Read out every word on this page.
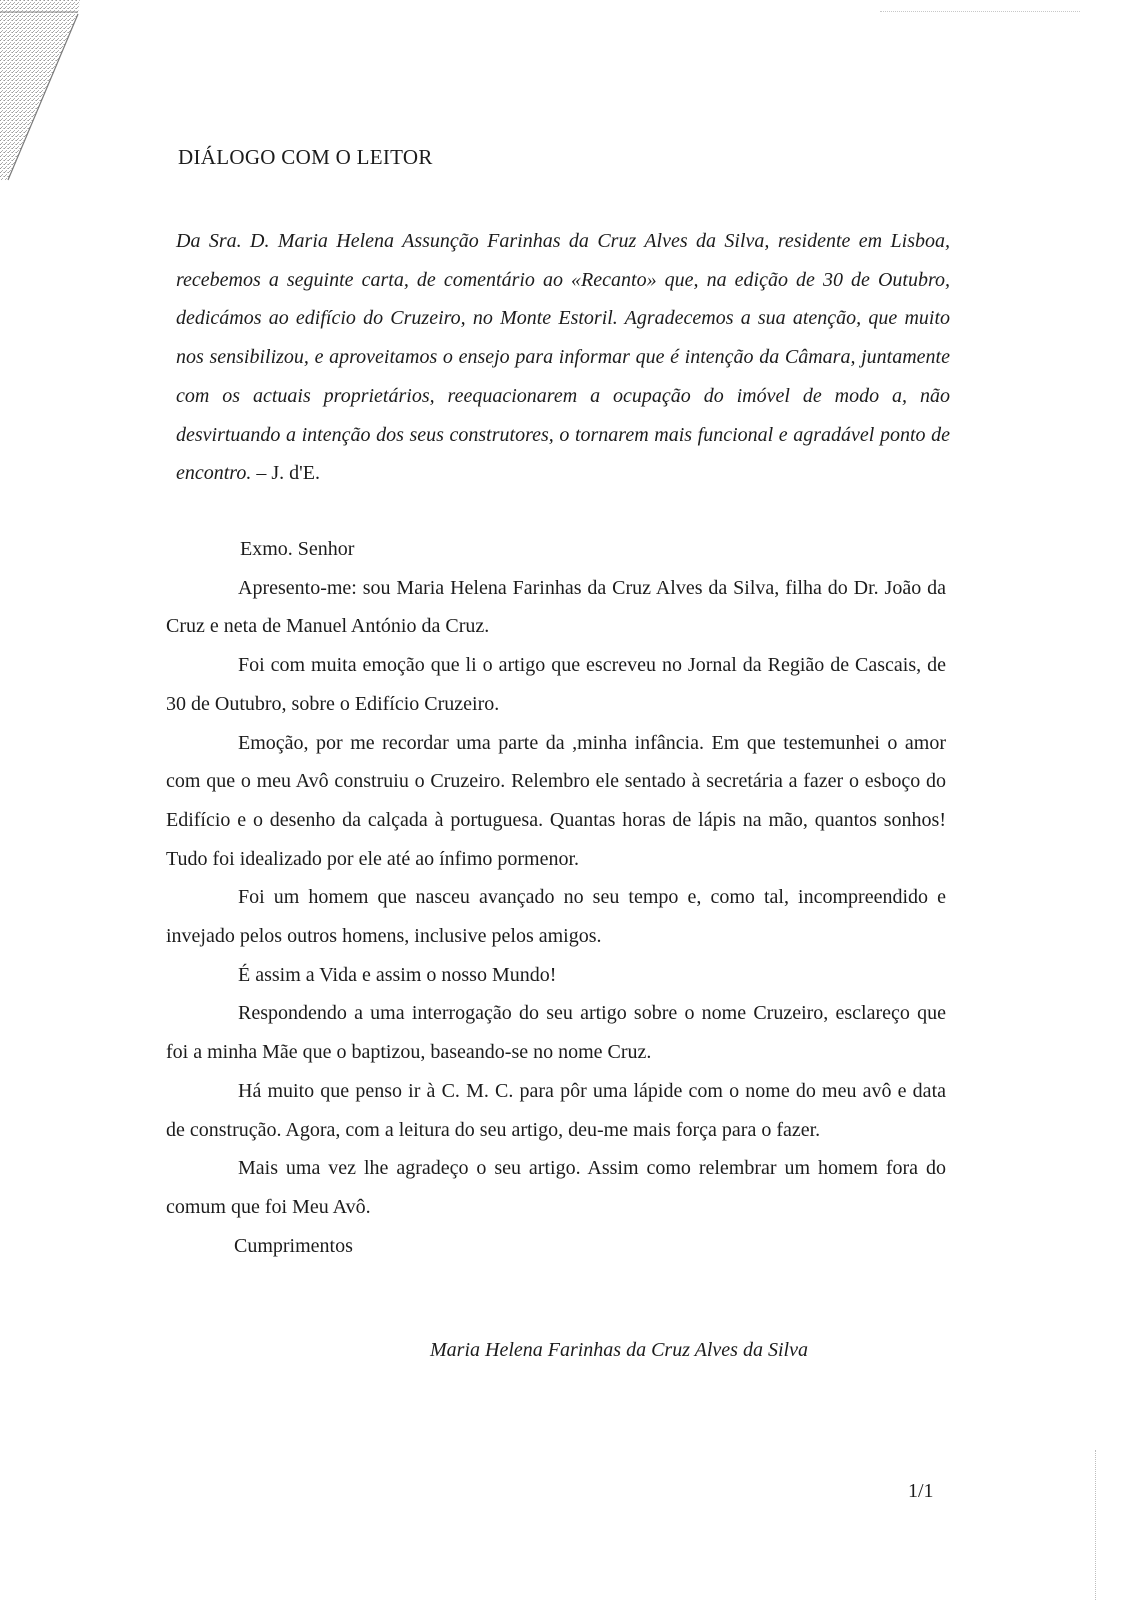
DIÁLOGO COM O LEITOR

Da Sra. D. Maria Helena Assunção Farinhas da Cruz Alves da Silva, residente em Lisboa, recebemos a seguinte carta, de comentário ao «Recanto» que, na edição de 30 de Outubro, dedicámos ao edifício do Cruzeiro, no Monte Estoril. Agradecemos a sua atenção, que muito nos sensibilizou, e aproveitamos o ensejo para informar que é intenção da Câmara, juntamente com os actuais proprietários, reequacionarem a ocupação do imóvel de modo a, não desvirtuando a intenção dos seus construtores, o tornarem mais funcional e agradável ponto de encontro. – J. d'E.

Exmo. Senhor

Apresento-me: sou Maria Helena Farinhas da Cruz Alves da Silva, filha do Dr. João da Cruz e neta de Manuel António da Cruz.

Foi com muita emoção que li o artigo que escreveu no Jornal da Região de Cascais, de 30 de Outubro, sobre o Edifício Cruzeiro.

Emoção, por me recordar uma parte da ,minha infância. Em que testemunhei o amor com que o meu Avô construiu o Cruzeiro. Relembro ele sentado à secretária a fazer o esboço do Edifício e o desenho da calçada à portuguesa. Quantas horas de lápis na mão, quantos sonhos! Tudo foi idealizado por ele até ao ínfimo pormenor.

Foi um homem que nasceu avançado no seu tempo e, como tal, incompreendido e invejado pelos outros homens, inclusive pelos amigos.

É assim a Vida e assim o nosso Mundo!

Respondendo a uma interrogação do seu artigo sobre o nome Cruzeiro, esclareço que foi a minha Mãe que o baptizou, baseando-se no nome Cruz.

Há muito que penso ir à C. M. C. para pôr uma lápide com o nome do meu avô e data de construção. Agora, com a leitura do seu artigo, deu-me mais força para o fazer.

Mais uma vez lhe agradeço o seu artigo. Assim como relembrar um homem fora do comum que foi Meu Avô.

Cumprimentos

Maria Helena Farinhas da Cruz Alves da Silva

1/1
